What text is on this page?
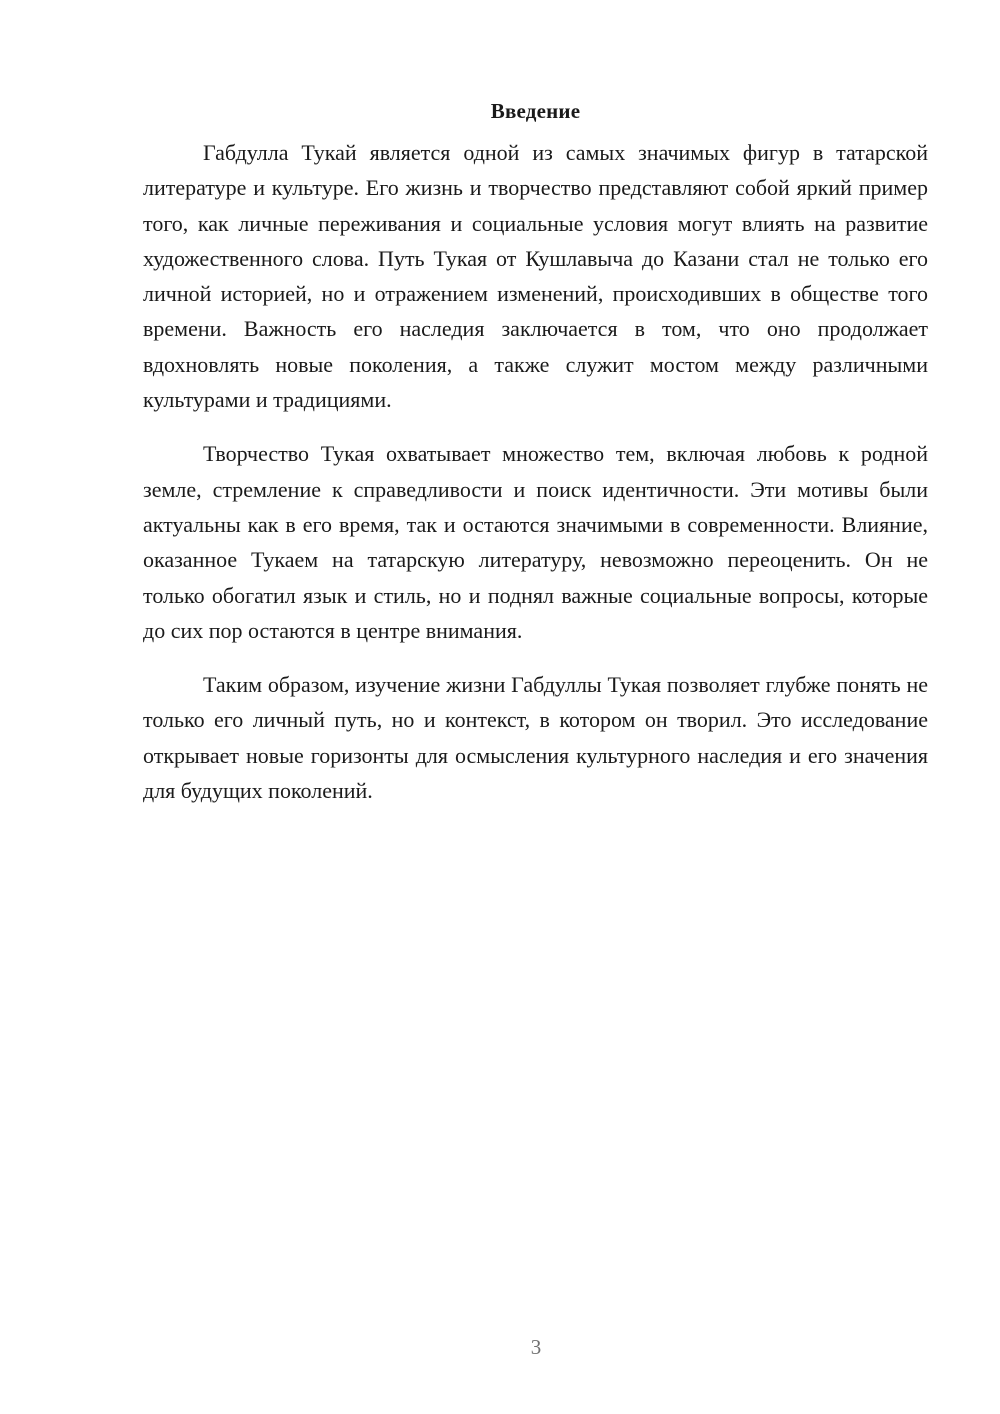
Введение

Габдулла Тукай является одной из самых значимых фигур в татарской литературе и культуре. Его жизнь и творчество представляют собой яркий пример того, как личные переживания и социальные условия могут влиять на развитие художественного слова. Путь Тукая от Кушлавыча до Казани стал не только его личной историей, но и отражением изменений, происходивших в обществе того времени. Важность его наследия заключается в том, что оно продолжает вдохновлять новые поколения, а также служит мостом между различными культурами и традициями.

Творчество Тукая охватывает множество тем, включая любовь к родной земле, стремление к справедливости и поиск идентичности. Эти мотивы были актуальны как в его время, так и остаются значимыми в современности. Влияние, оказанное Тукаем на татарскую литературу, невозможно переоценить. Он не только обогатил язык и стиль, но и поднял важные социальные вопросы, которые до сих пор остаются в центре внимания.

Таким образом, изучение жизни Габдуллы Тукая позволяет глубже понять не только его личный путь, но и контекст, в котором он творил. Это исследование открывает новые горизонты для осмысления культурного наследия и его значения для будущих поколений.

3
